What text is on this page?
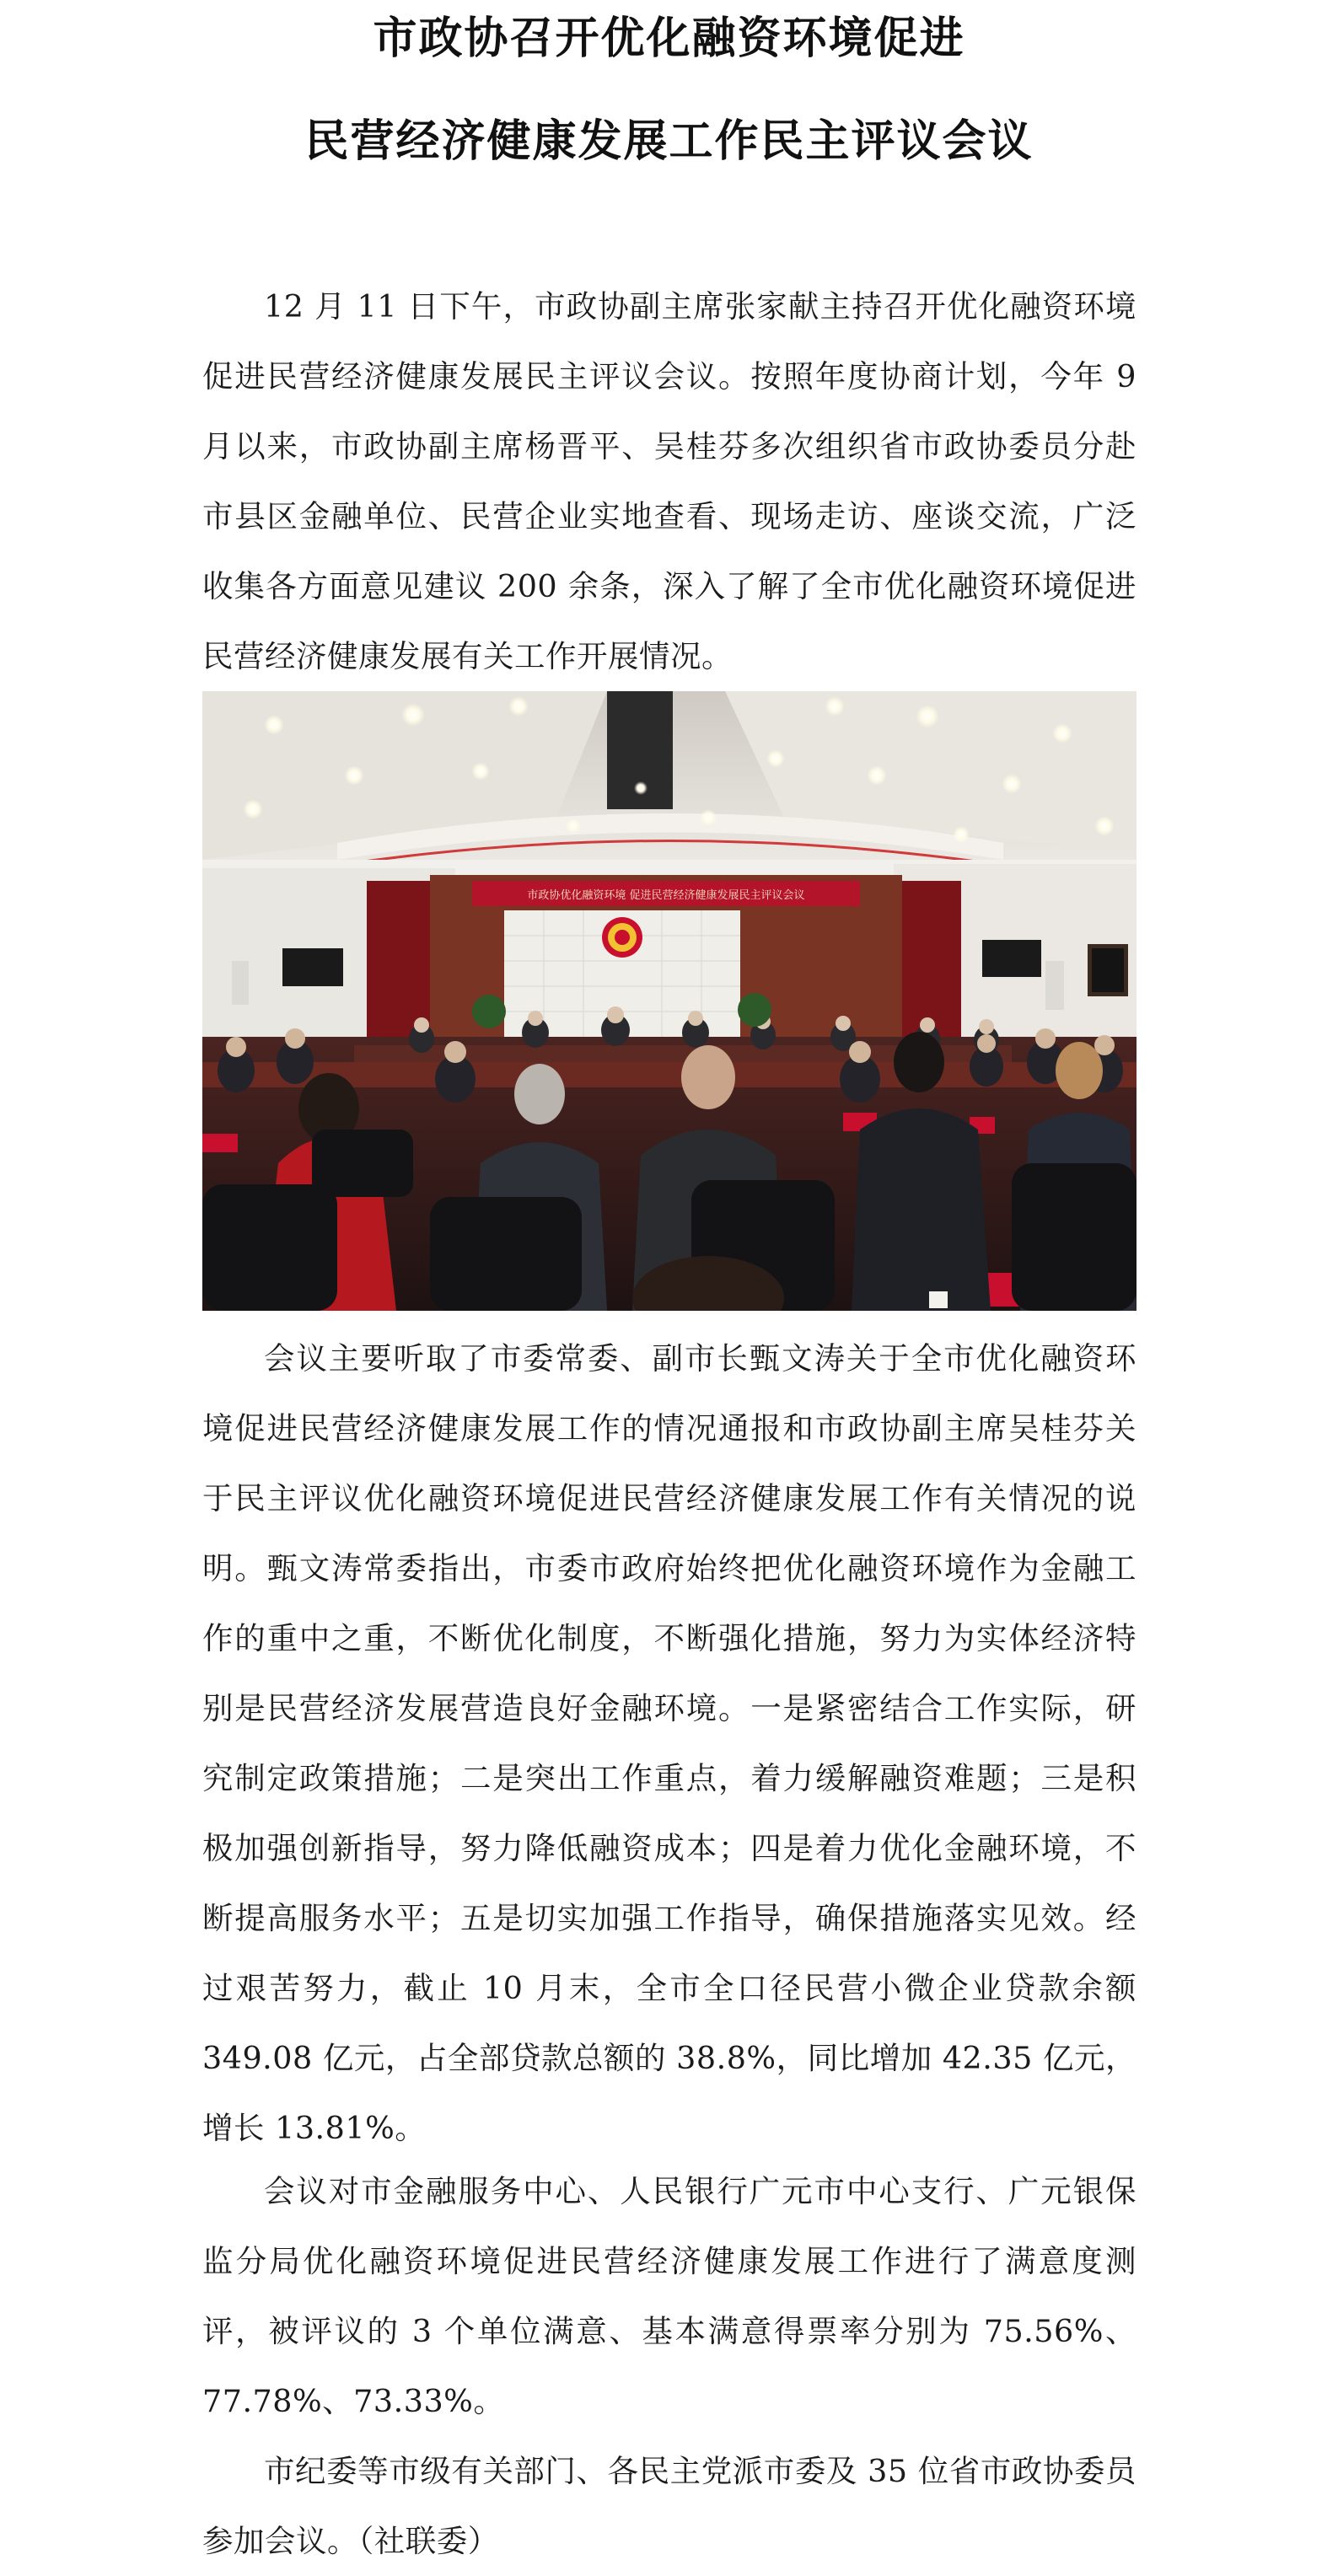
市政协召开优化融资环境促进
民营经济健康发展工作民主评议会议

12 月 11 日下午，市政协副主席张家献主持召开优化融资环境促进民营经济健康发展民主评议会议。按照年度协商计划，今年 9 月以来，市政协副主席杨晋平、吴桂芬多次组织省市政协委员分赴市县区金融单位、民营企业实地查看、现场走访、座谈交流，广泛收集各方面意见建议 200 余条，深入了解了全市优化融资环境促进民营经济健康发展有关工作开展情况。

市政协优化融资环境 促进民营经济健康发展民主评议会议

会议主要听取了市委常委、副市长甄文涛关于全市优化融资环境促进民营经济健康发展工作的情况通报和市政协副主席吴桂芬关于民主评议优化融资环境促进民营经济健康发展工作有关情况的说明。甄文涛常委指出，市委市政府始终把优化融资环境作为金融工作的重中之重，不断优化制度，不断强化措施，努力为实体经济特别是民营经济发展营造良好金融环境。一是紧密结合工作实际，研究制定政策措施；二是突出工作重点，着力缓解融资难题；三是积极加强创新指导，努力降低融资成本；四是着力优化金融环境，不断提高服务水平；五是切实加强工作指导，确保措施落实见效。经过艰苦努力，截止 10 月末，全市全口径民营小微企业贷款余额 349.08 亿元，占全部贷款总额的 38.8%，同比增加 42.35 亿元，增长 13.81%。

会议对市金融服务中心、人民银行广元市中心支行、广元银保监分局优化融资环境促进民营经济健康发展工作进行了满意度测评，被评议的 3 个单位满意、基本满意得票率分别为 75.56%、77.78%、73.33%。

市纪委等市级有关部门、各民主党派市委及 35 位省市政协委员参加会议。（社联委）
